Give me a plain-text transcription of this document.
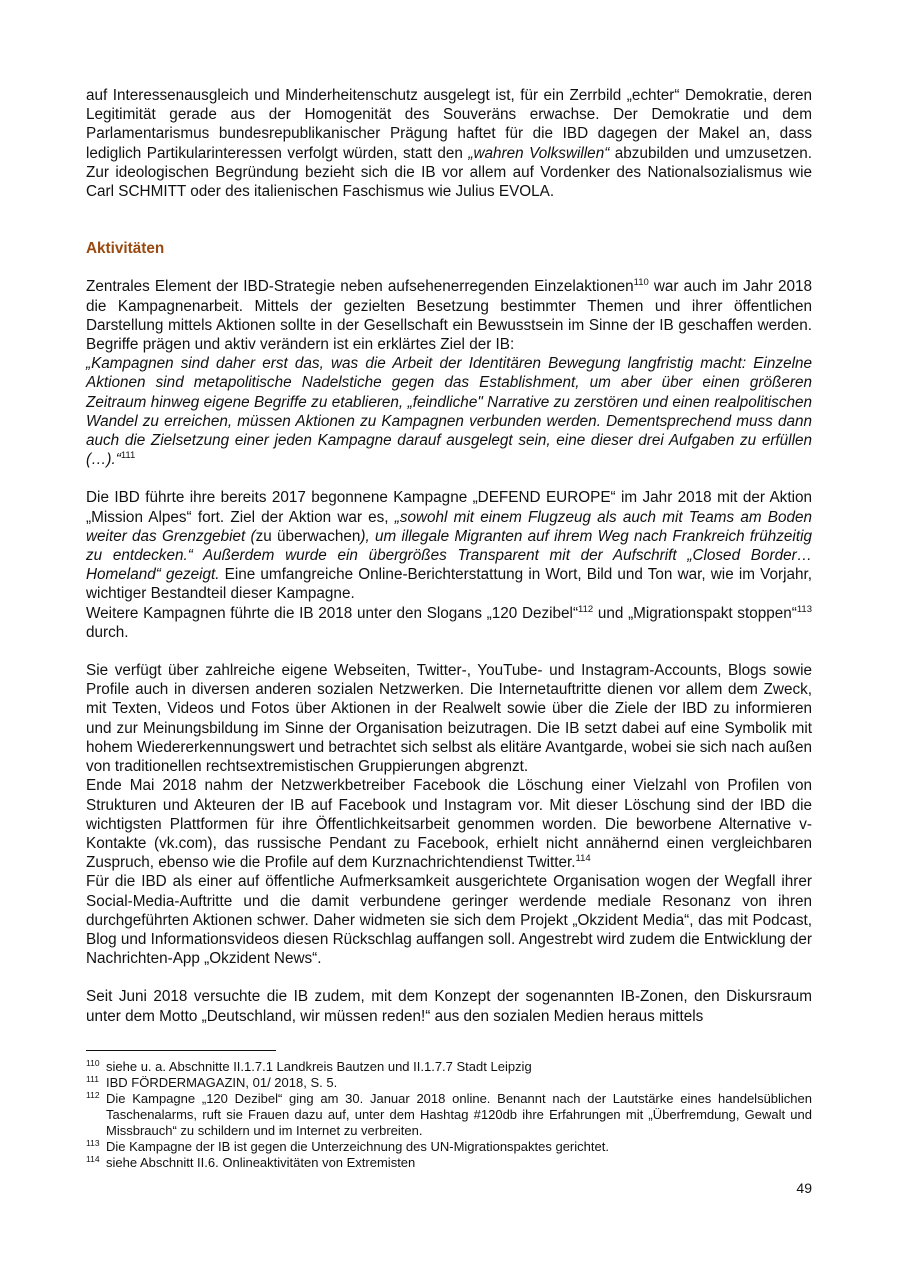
auf Interessenausgleich und Minderheitenschutz ausgelegt ist, für ein Zerrbild „echter“ Demokratie, deren Legitimität gerade aus der Homogenität des Souveräns erwachse. Der Demokratie und dem Parlamentarismus bundesrepublikanischer Prägung haftet für die IBD dagegen der Makel an, dass lediglich Partikularinteressen verfolgt würden, statt den „wahren Volkswillen“ abzubilden und umzusetzen. Zur ideologischen Begründung bezieht sich die IB vor allem auf Vordenker des Nationalsozialismus wie Carl SCHMITT oder des italienischen Faschismus wie Julius EVOLA.

Aktivitäten

Zentrales Element der IBD-Strategie neben aufsehenerregenden Einzelaktionen$^{110}$ war auch im Jahr 2018 die Kampagnenarbeit. Mittels der gezielten Besetzung bestimmter Themen und ihrer öffentlichen Darstellung mittels Aktionen sollte in der Gesellschaft ein Bewusstsein im Sinne der IB geschaffen werden. Begriffe prägen und aktiv verändern ist ein erklärtes Ziel der IB:

„Kampagnen sind daher erst das, was die Arbeit der Identitären Bewegung langfristig macht: Einzelne Aktionen sind metapolitische Nadelstiche gegen das Establishment, um aber über einen größeren Zeitraum hinweg eigene Begriffe zu etablieren, „feindliche" Narrative zu zerstören und einen realpolitischen Wandel zu erreichen, müssen Aktionen zu Kampagnen verbunden werden. Dementsprechend muss dann auch die Zielsetzung einer jeden Kampagne darauf ausgelegt sein, eine dieser drei Aufgaben zu erfüllen (…).“$^{111}$

Die IBD führte ihre bereits 2017 begonnene Kampagne „DEFEND EUROPE“ im Jahr 2018 mit der Aktion „Mission Alpes“ fort. Ziel der Aktion war es, „sowohl mit einem Flugzeug als auch mit Teams am Boden weiter das Grenzgebiet (zu überwachen), um illegale Migranten auf ihrem Weg nach Frankreich frühzeitig zu entdecken.“ Außerdem wurde ein übergrößes Transparent mit der Aufschrift „Closed Border…Homeland“ gezeigt. Eine umfangreiche Online-Berichterstattung in Wort, Bild und Ton war, wie im Vorjahr, wichtiger Bestandteil dieser Kampagne.

Weitere Kampagnen führte die IB 2018 unter den Slogans „120 Dezibel“$^{112}$ und „Migrationspakt stoppen“$^{113}$ durch.

Sie verfügt über zahlreiche eigene Webseiten, Twitter-, YouTube- und Instagram-Accounts, Blogs sowie Profile auch in diversen anderen sozialen Netzwerken. Die Internetauftritte dienen vor allem dem Zweck, mit Texten, Videos und Fotos über Aktionen in der Realwelt sowie über die Ziele der IBD zu informieren und zur Meinungsbildung im Sinne der Organisation beizutragen. Die IB setzt dabei auf eine Symbolik mit hohem Wiedererkennungswert und betrachtet sich selbst als elitäre Avantgarde, wobei sie sich nach außen von traditionellen rechtsextremistischen Gruppierungen abgrenzt.

Ende Mai 2018 nahm der Netzwerkbetreiber Facebook die Löschung einer Vielzahl von Profilen von Strukturen und Akteuren der IB auf Facebook und Instagram vor. Mit dieser Löschung sind der IBD die wichtigsten Plattformen für ihre Öffentlichkeitsarbeit genommen worden. Die beworbene Alternative v-Kontakte (vk.com), das russische Pendant zu Facebook, erhielt nicht annähernd einen vergleichbaren Zuspruch, ebenso wie die Profile auf dem Kurznachrichtendienst Twitter.$^{114}$

Für die IBD als einer auf öffentliche Aufmerksamkeit ausgerichtete Organisation wogen der Wegfall ihrer Social-Media-Auftritte und die damit verbundene geringer werdende mediale Resonanz von ihren durchgeführten Aktionen schwer. Daher widmeten sie sich dem Projekt „Okzident Media“, das mit Podcast, Blog und Informationsvideos diesen Rückschlag auffangen soll. Angestrebt wird zudem die Entwicklung der Nachrichten-App „Okzident News“.

Seit Juni 2018 versuchte die IB zudem, mit dem Konzept der sogenannten IB-Zonen, den Diskursraum unter dem Motto „Deutschland, wir müssen reden!“ aus den sozialen Medien heraus mittels

$^{110}$ siehe u. a. Abschnitte II.1.7.1 Landkreis Bautzen und II.1.7.7 Stadt Leipzig

$^{111}$ IBD FÖRDERMAGAZIN, 01/ 2018, S. 5.

$^{112}$ Die Kampagne „120 Dezibel“ ging am 30. Januar 2018 online. Benannt nach der Lautstärke eines handelsüblichen Taschenalarms, ruft sie Frauen dazu auf, unter dem Hashtag #120db ihre Erfahrungen mit „Überfremdung, Gewalt und Missbrauch“ zu schildern und im Internet zu verbreiten.

$^{113}$ Die Kampagne der IB ist gegen die Unterzeichnung des UN-Migrationspaktes gerichtet.

$^{114}$ siehe Abschnitt II.6. Onlineaktivitäten von Extremisten

49
